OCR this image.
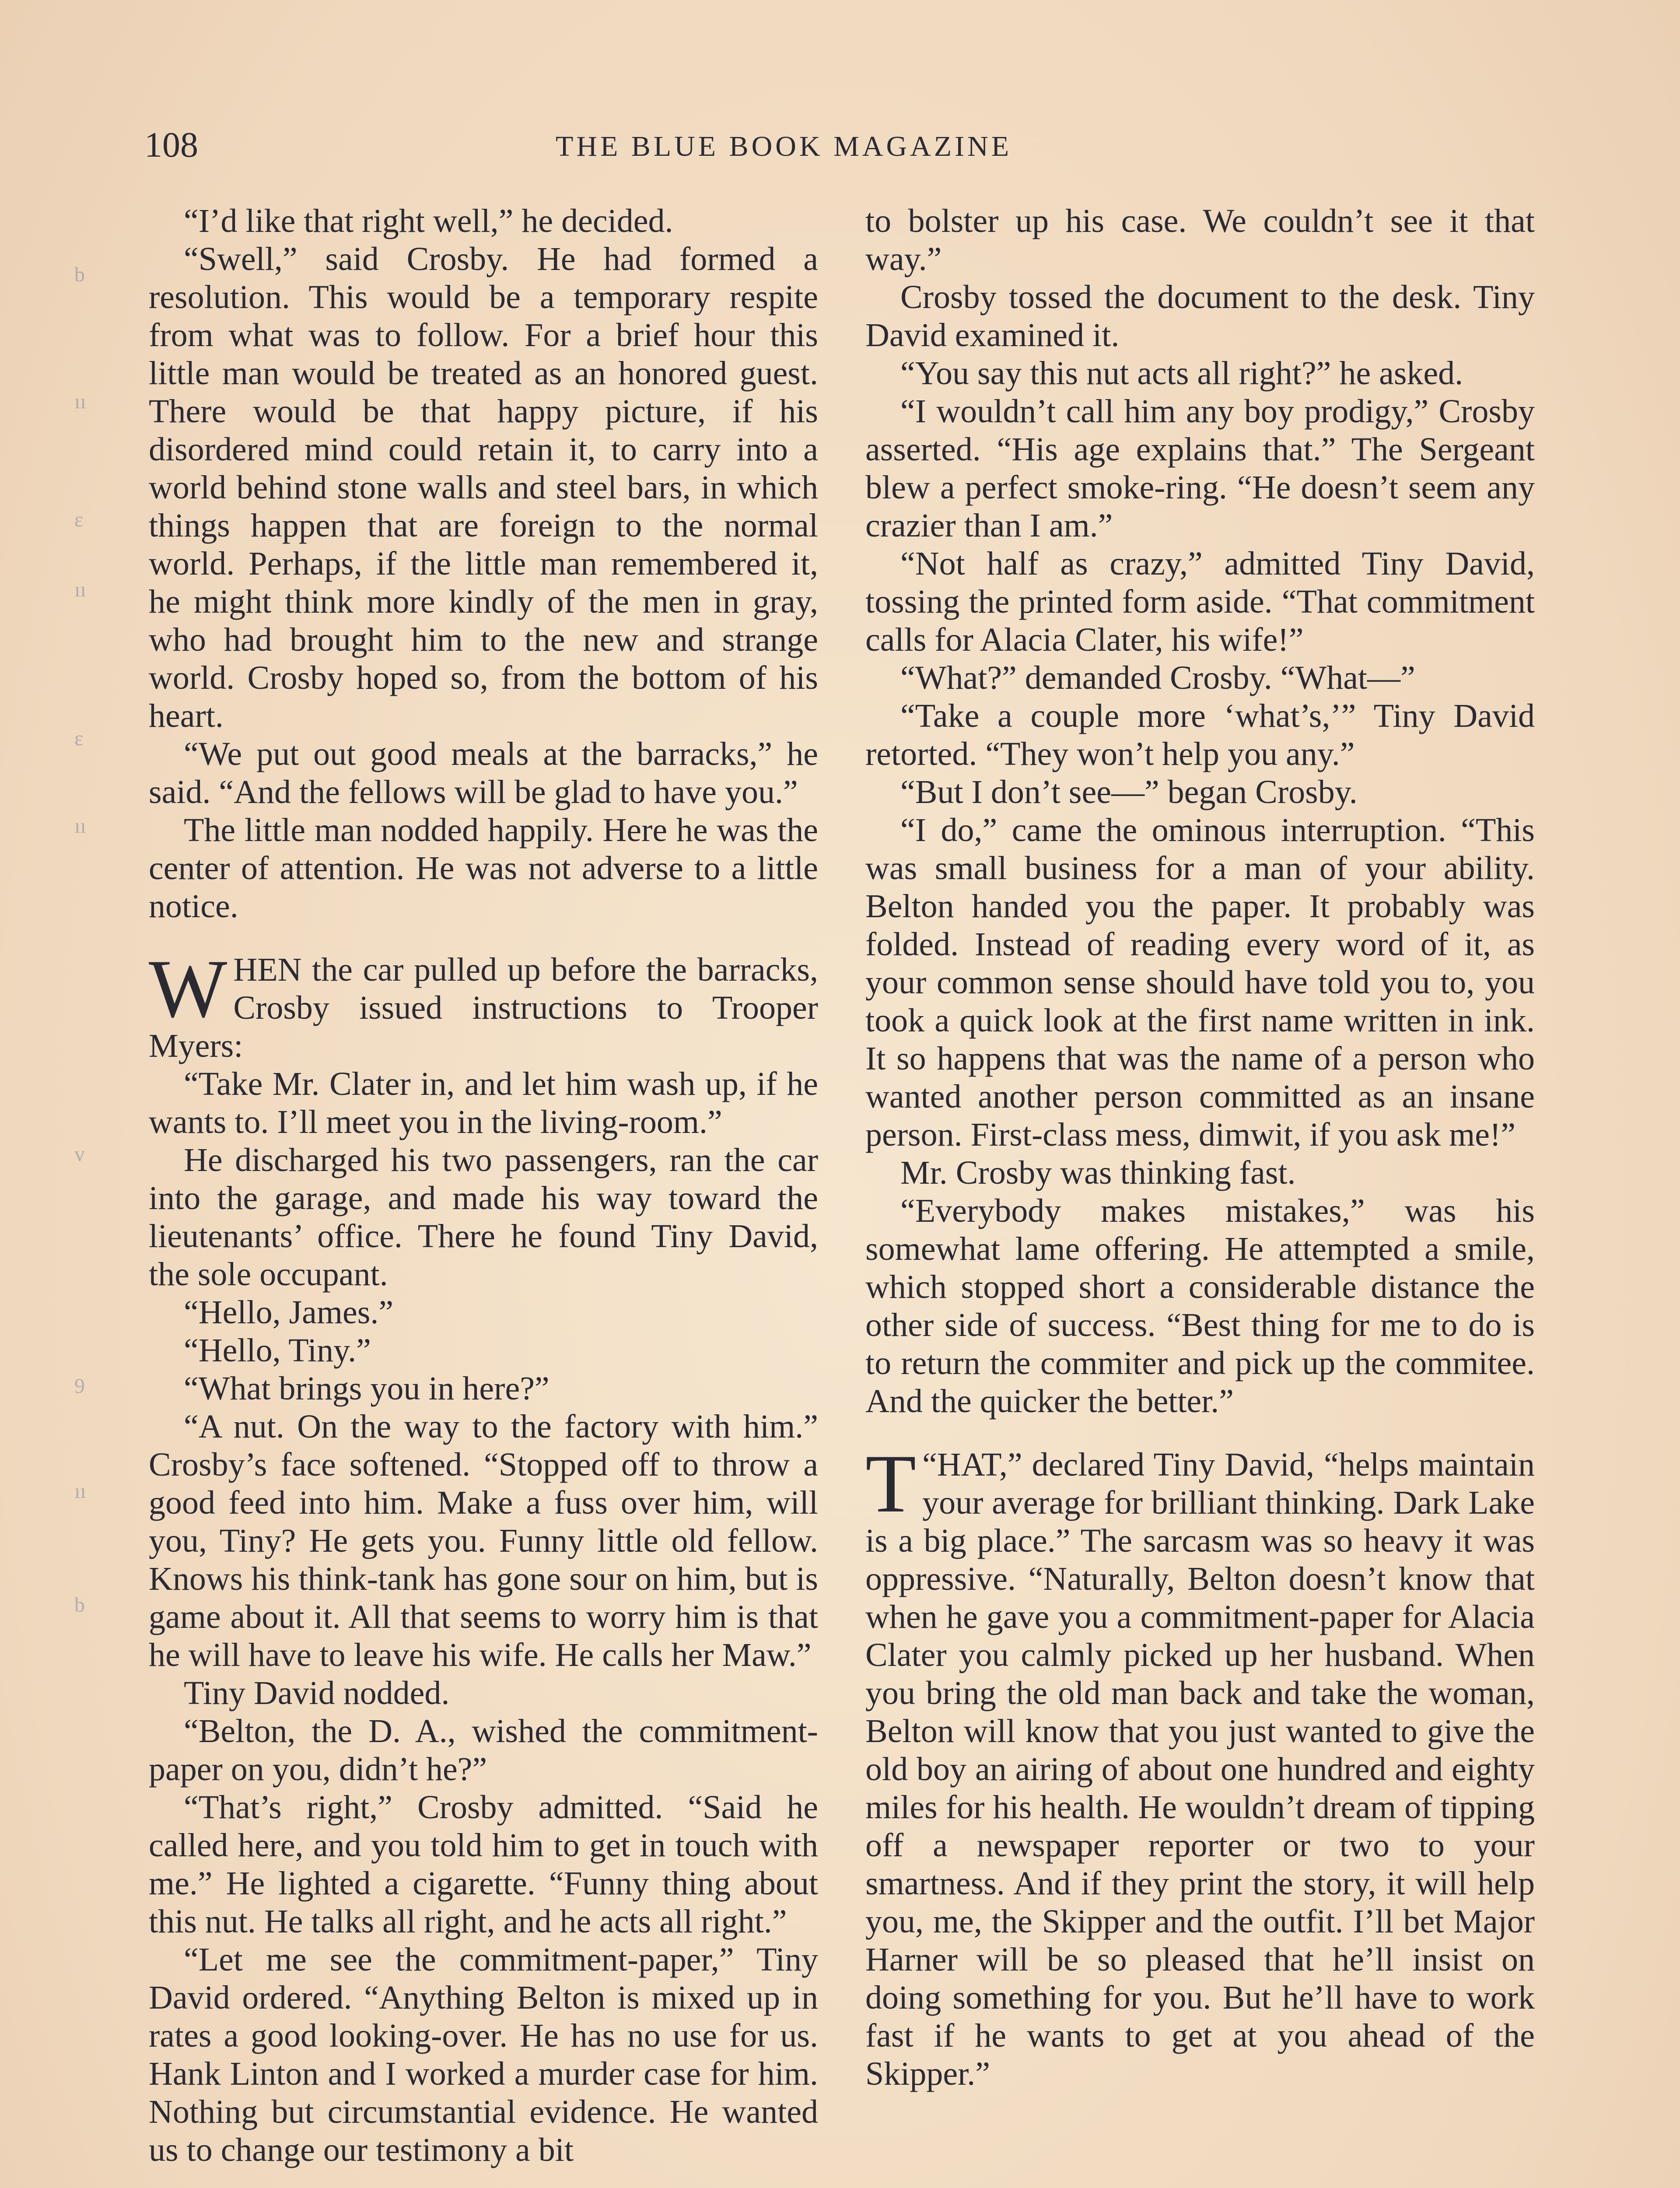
108	THE BLUE BOOK MAGAZINE
b
ıı
ε
ıı
ε
ıı
v
9
ıı
b

“I’d like that right well,” he decided.

“Swell,” said Crosby. He had formed a resolution. This would be a temporary respite from what was to follow. For a brief hour this little man would be treated as an honored guest. There would be that happy picture, if his disordered mind could retain it, to carry into a world behind stone walls and steel bars, in which things happen that are foreign to the normal world. Perhaps, if the little man remembered it, he might think more kindly of the men in gray, who had brought him to the new and strange world. Crosby hoped so, from the bottom of his heart.

“We put out good meals at the barracks,” he said. “And the fellows will be glad to have you.”

The little man nodded happily. Here he was the center of attention. He was not adverse to a little notice.

WHEN the car pulled up before the barracks, Crosby issued instructions to Trooper Myers:

“Take Mr. Clater in, and let him wash up, if he wants to. I’ll meet you in the living-room.”

He discharged his two passengers, ran the car into the garage, and made his way toward the lieutenants’ office. There he found Tiny David, the sole occupant.

“Hello, James.”

“Hello, Tiny.”

“What brings you in here?”

“A nut. On the way to the factory with him.” Crosby’s face softened. “Stopped off to throw a good feed into him. Make a fuss over him, will you, Tiny? He gets you. Funny little old fellow. Knows his think-tank has gone sour on him, but is game about it. All that seems to worry him is that he will have to leave his wife. He calls her Maw.”

Tiny David nodded.

“Belton, the D. A., wished the commitment-paper on you, didn’t he?”

“That’s right,” Crosby admitted. “Said he called here, and you told him to get in touch with me.” He lighted a cigarette. “Funny thing about this nut. He talks all right, and he acts all right.”

“Let me see the commitment-paper,” Tiny David ordered. “Anything Belton is mixed up in rates a good looking-over. He has no use for us. Hank Linton and I worked a murder case for him. Nothing but circumstantial evidence. He wanted us to change our testimony a bit

to bolster up his case. We couldn’t see it that way.”

Crosby tossed the document to the desk. Tiny David examined it.

“You say this nut acts all right?” he asked.

“I wouldn’t call him any boy prodigy,” Crosby asserted. “His age explains that.” The Sergeant blew a perfect smoke-ring. “He doesn’t seem any crazier than I am.”

“Not half as crazy,” admitted Tiny David, tossing the printed form aside. “That commitment calls for Alacia Clater, his wife!”

“What?” demanded Crosby. “What—”

“Take a couple more ‘what’s,’” Tiny David retorted. “They won’t help you any.”

“But I don’t see—” began Crosby.

“I do,” came the ominous interruption. “This was small business for a man of your ability. Belton handed you the paper. It probably was folded. Instead of reading every word of it, as your common sense should have told you to, you took a quick look at the first name written in ink. It so happens that was the name of a person who wanted another person committed as an insane person. First-class mess, dimwit, if you ask me!”

Mr. Crosby was thinking fast.

“Everybody makes mistakes,” was his somewhat lame offering. He attempted a smile, which stopped short a considerable distance the other side of success. “Best thing for me to do is to return the commiter and pick up the commitee. And the quicker the better.”

“
T HAT,” declared Tiny David, “helps maintain your average for brilliant thinking. Dark Lake is a big place.” The sarcasm was so heavy it was oppressive. “Naturally, Belton doesn’t know that when he gave you a commitment-paper for Alacia Clater you calmly picked up her husband. When you bring the old man back and take the woman, Belton will know that you just wanted to give the old boy an airing of about one hundred and eighty miles for his health. He wouldn’t dream of tipping off a newspaper reporter or two to your smartness. And if they print the story, it will help you, me, the Skipper and the outfit. I’ll bet Major Harner will be so pleased that he’ll insist on doing something for you. But he’ll have to work fast if he wants to get at you ahead of the Skipper.”
